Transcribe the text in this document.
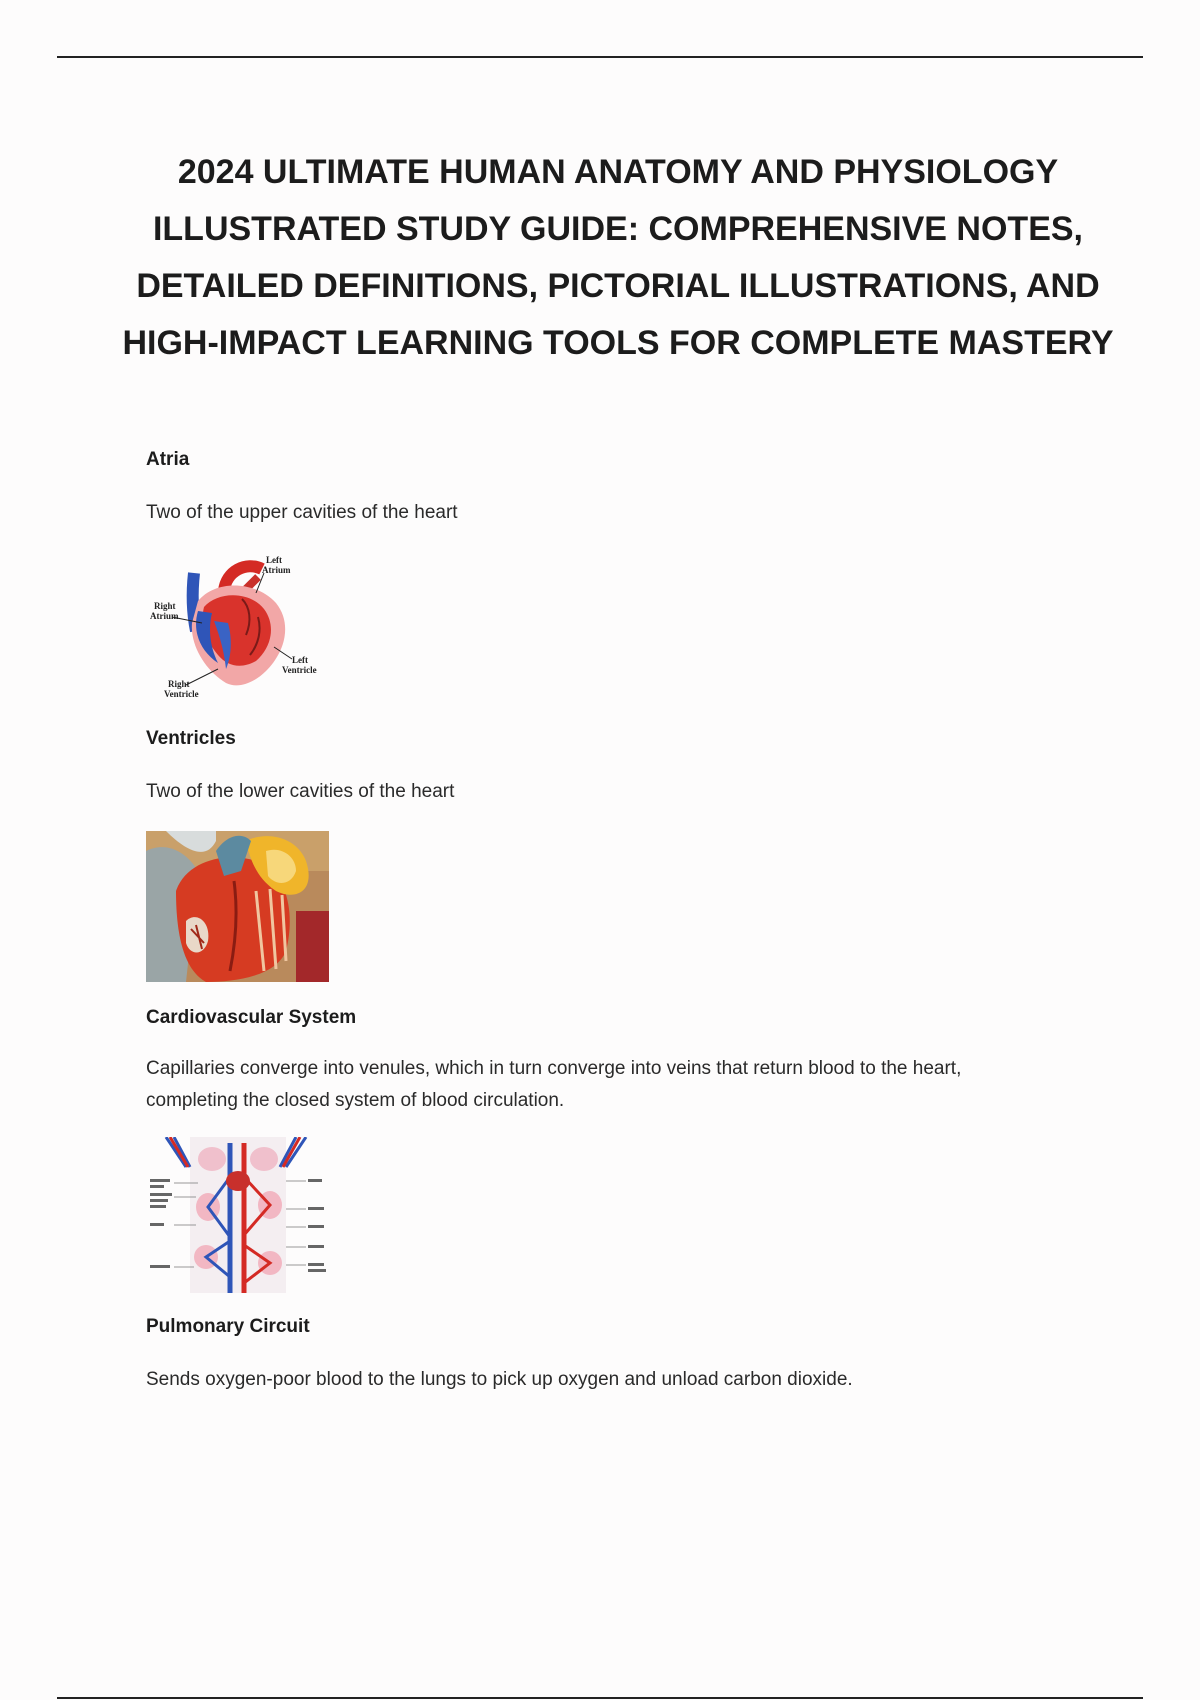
2024 ULTIMATE HUMAN ANATOMY AND PHYSIOLOGY ILLUSTRATED STUDY GUIDE: COMPREHENSIVE NOTES, DETAILED DEFINITIONS, PICTORIAL ILLUSTRATIONS, AND HIGH-IMPACT LEARNING TOOLS FOR COMPLETE MASTERY
Atria

Two of the upper cavities of the heart

Left
Atrium
Right
Atrium
Left
Ventricle
Right
Ventricle
Ventricles

Two of the lower cavities of the heart

Cardiovascular System

Capillaries converge into venules, which in turn converge into veins that return blood to the heart, completing the closed system of blood circulation.

Pulmonary Circuit

Sends oxygen-poor blood to the lungs to pick up oxygen and unload carbon dioxide.
